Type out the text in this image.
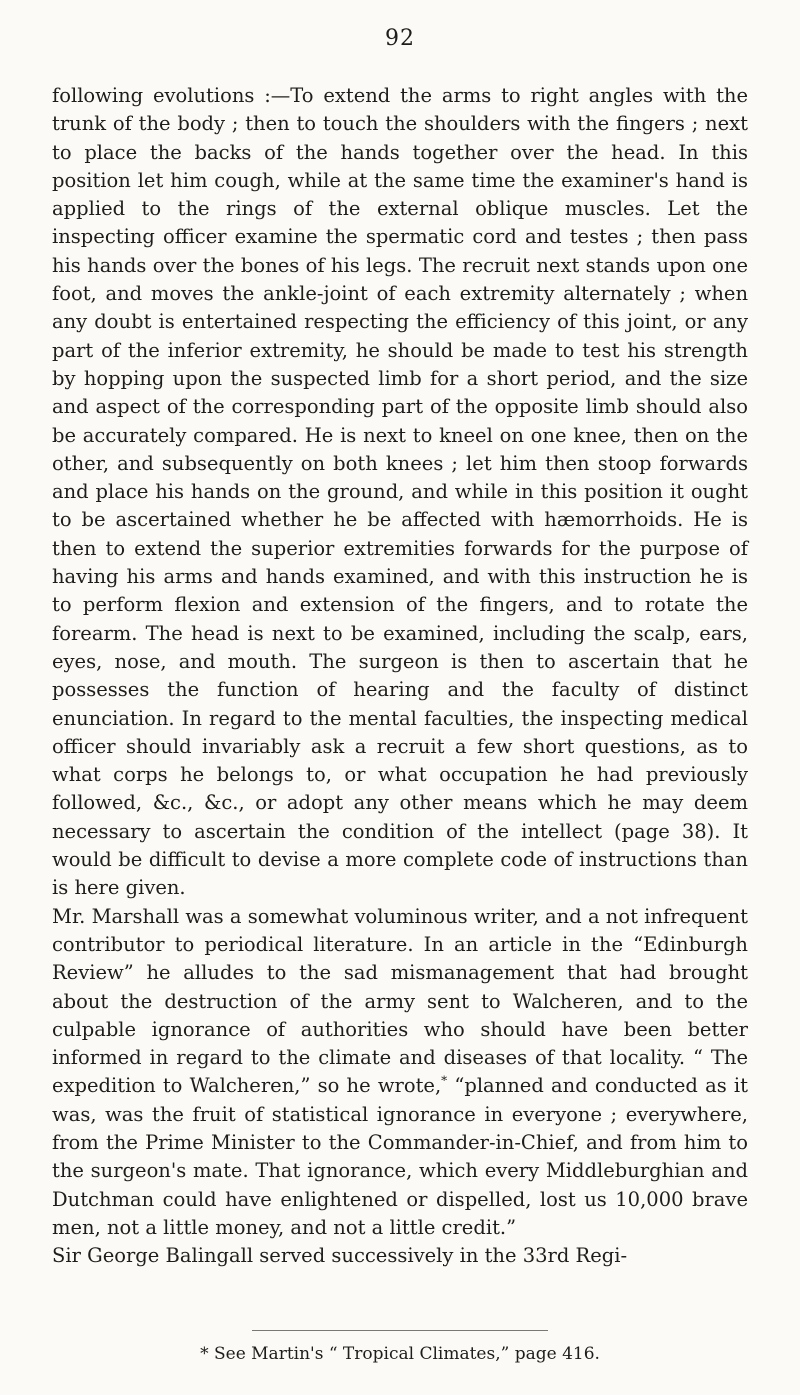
92

following evolutions :—To extend the arms to right angles with the trunk of the body ; then to touch the shoulders with the fingers ; next to place the backs of the hands together over the head. In this position let him cough, while at the same time the examiner's hand is applied to the rings of the external oblique muscles. Let the inspecting officer examine the spermatic cord and testes ; then pass his hands over the bones of his legs. The recruit next stands upon one foot, and moves the ankle-joint of each extremity alternately ; when any doubt is entertained respecting the efficiency of this joint, or any part of the inferior extremity, he should be made to test his strength by hopping upon the suspected limb for a short period, and the size and aspect of the corresponding part of the opposite limb should also be accurately compared. He is next to kneel on one knee, then on the other, and subsequently on both knees ; let him then stoop forwards and place his hands on the ground, and while in this position it ought to be ascertained whether he be affected with hæmorrhoids. He is then to extend the superior extremities forwards for the purpose of having his arms and hands examined, and with this instruction he is to perform flexion and extension of the fingers, and to rotate the forearm. The head is next to be examined, including the scalp, ears, eyes, nose, and mouth. The surgeon is then to ascertain that he possesses the function of hearing and the faculty of distinct enunciation. In regard to the mental faculties, the inspecting medical officer should invariably ask a recruit a few short questions, as to what corps he belongs to, or what occupation he had previously followed, &c., &c., or adopt any other means which he may deem necessary to ascertain the condition of the intellect (page 38). It would be difficult to devise a more complete code of instructions than is here given.

Mr. Marshall was a somewhat voluminous writer, and a not infrequent contributor to periodical literature. In an article in the “Edinburgh Review” he alludes to the sad mismanagement that had brought about the destruction of the army sent to Walcheren, and to the culpable ignorance of authorities who should have been better informed in regard to the climate and diseases of that locality. “ The expedition to Walcheren,” so he wrote,* “planned and conducted as it was, was the fruit of statistical ignorance in everyone ; everywhere, from the Prime Minister to the Commander-in-Chief, and from him to the surgeon's mate. That ignorance, which every Middleburghian and Dutchman could have enlightened or dispelled, lost us 10,000 brave men, not a little money, and not a little credit.”

Sir George Balingall served successively in the 33rd Regi-

* See Martin's “ Tropical Climates,” page 416.
